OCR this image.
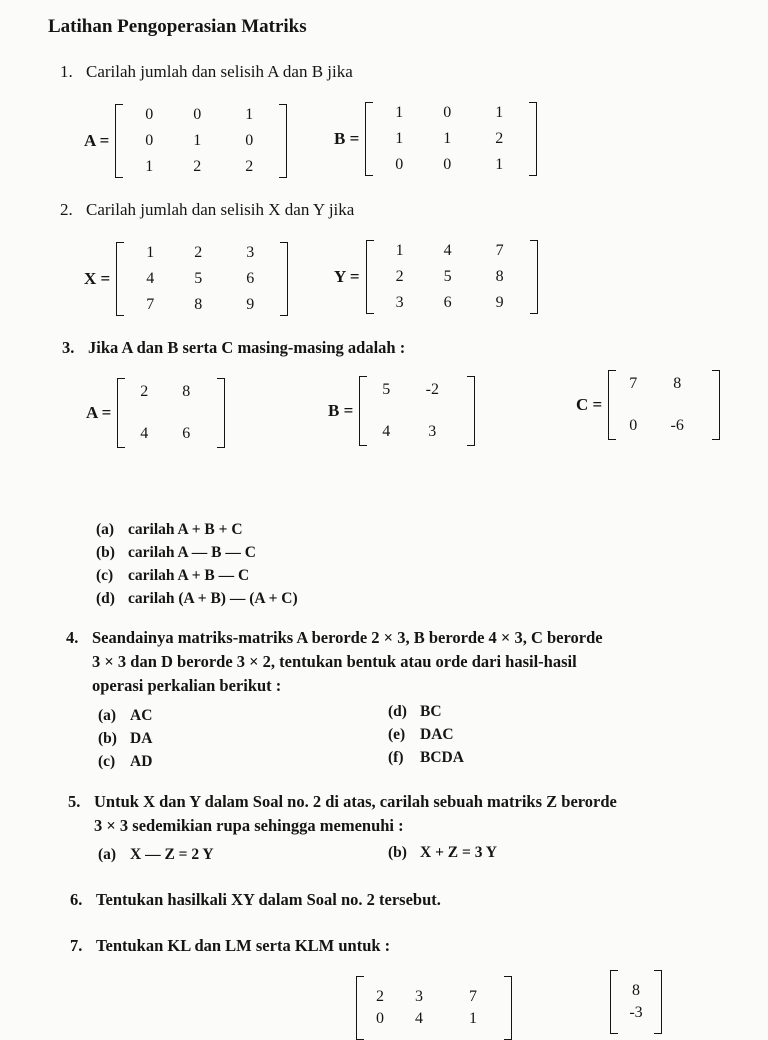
Latihan Pengoperasian Matriks
1. Carilah jumlah dan selisih A dan B jika
A =
0	0	1
0	1	0
1	2	2
B =
1	0	1
1	1	2
0	0	1
2. Carilah jumlah dan selisih X dan Y jika
X =
1	2	3
4	5	6
7	8	9
Y =
1	4	7
2	5	8
3	6	9
3. Jika A dan B serta C masing-masing adalah :
A =
2	8
4	6
B =
5	-2
4	3
C =
7	8
0	-6
(a) carilah A + B + C
(b) carilah A — B — C
(c) carilah A + B — C
(d) carilah (A + B) — (A + C)
4. Seandainya matriks-matriks A berorde 2 × 3, B berorde 4 × 3, C berorde
3 × 3 dan D berorde 3 × 2, tentukan bentuk atau orde dari hasil-hasil
operasi perkalian berikut :
(a) AC
(b) DA
(c) AD
(d) BC
(e) DAC
(f) BCDA
5. Untuk X dan Y dalam Soal no. 2 di atas, carilah sebuah matriks Z berorde
3 × 3 sedemikian rupa sehingga memenuhi :
(a) X — Z = 2 Y	(b) X + Z = 3 Y
6. Tentukan hasilkali XY dalam Soal no. 2 tersebut.
7. Tentukan KL dan LM serta KLM untuk :
2	3	7
0	4	1
8
-3
